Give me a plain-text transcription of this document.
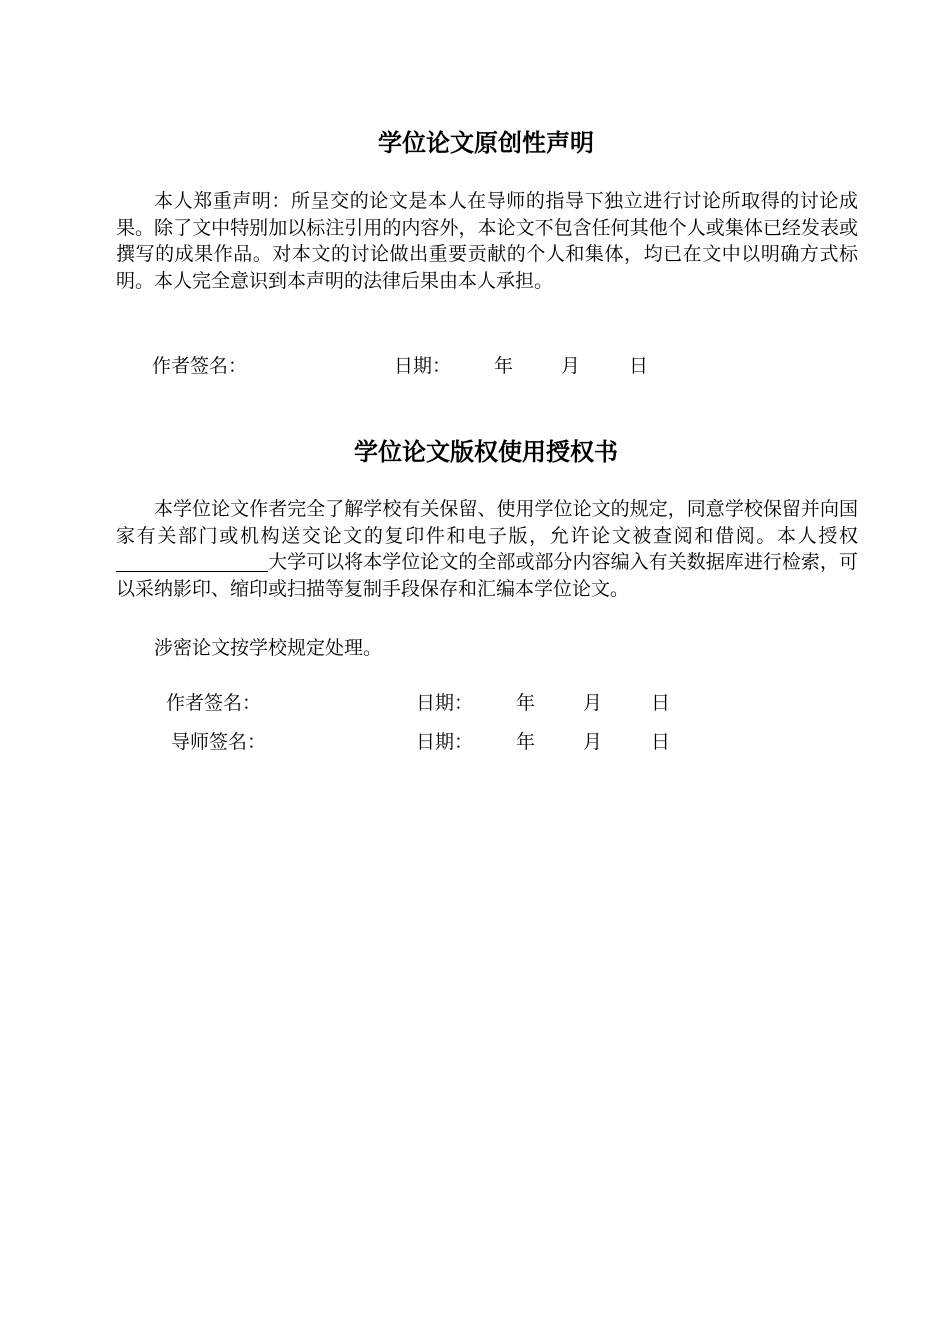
学位论文原创性声明

本人郑重声明：所呈交的论文是本人在导师的指导下独立进行讨论所取得的讨论成果。除了文中特别加以标注引用的内容外，本论文不包含任何其他个人或集体已经发表或撰写的成果作品。对本文的讨论做出重要贡献的个人和集体，均已在文中以明确方式标明。本人完全意识到本声明的法律后果由本人承担。

作者签名：	日期： 年	月	日
学位论文版权使用授权书

本学位论文作者完全了解学校有关保留、使用学位论文的规定，同意学校保留并向国家有关部门或机构送交论文的复印件和电子版，允许论文被查阅和借阅。本人授权大学可以将本学位论文的全部或部分内容编入有关数据库进行检索，可以采纳影印、缩印或扫描等复制手段保存和汇编本学位论文。

涉密论文按学校规定处理。

作者签名：	日期： 年	月	日
导师签名：	日期： 年	月	日
